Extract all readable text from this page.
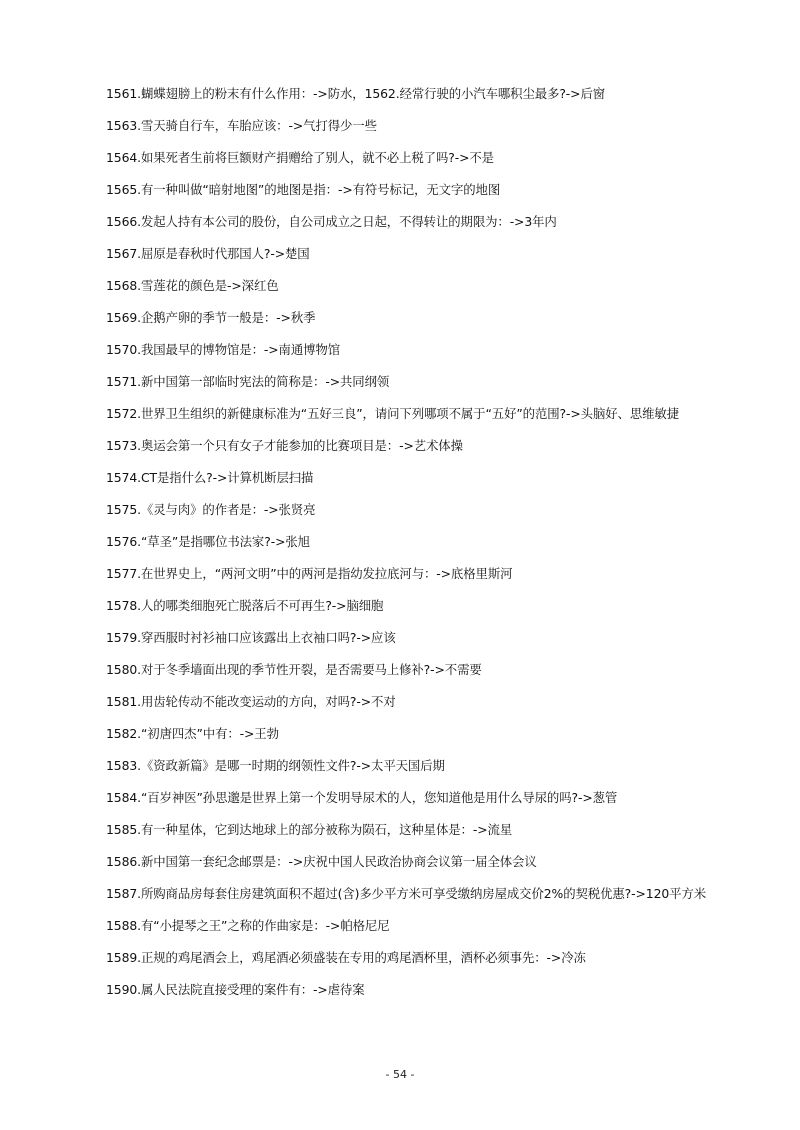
1561.蝴蝶翅膀上的粉末有什么作用：->防水，1562.经常行驶的小汽车哪积尘最多?->后窗
1563.雪天骑自行车，车胎应该：->气打得少一些
1564.如果死者生前将巨额财产捐赠给了别人，就不必上税了吗?->不是
1565.有一种叫做“暗射地图”的地图是指：->有符号标记，无文字的地图
1566.发起人持有本公司的股份，自公司成立之日起，不得转让的期限为：->3年内
1567.屈原是春秋时代那国人?->楚国
1568.雪莲花的颜色是->深红色
1569.企鹅产卵的季节一般是：->秋季
1570.我国最早的博物馆是：->南通博物馆
1571.新中国第一部临时宪法的简称是：->共同纲领
1572.世界卫生组织的新健康标准为“五好三良”，请问下列哪项不属于“五好”的范围?->头脑好、思维敏捷
1573.奥运会第一个只有女子才能参加的比赛项目是：->艺术体操
1574.CT是指什么?->计算机断层扫描
1575.《灵与肉》的作者是：->张贤亮
1576.“草圣”是指哪位书法家?->张旭
1577.在世界史上，“两河文明”中的两河是指幼发拉底河与：->底格里斯河
1578.人的哪类细胞死亡脱落后不可再生?->脑细胞
1579.穿西服时衬衫袖口应该露出上衣袖口吗?->应该
1580.对于冬季墙面出现的季节性开裂，是否需要马上修补?->不需要
1581.用齿轮传动不能改变运动的方向，对吗?->不对
1582.“初唐四杰”中有：->王勃
1583.《资政新篇》是哪一时期的纲领性文件?->太平天国后期
1584.“百岁神医”孙思邈是世界上第一个发明导尿术的人，您知道他是用什么导尿的吗?->葱管
1585.有一种星体，它到达地球上的部分被称为陨石，这种星体是：->流星
1586.新中国第一套纪念邮票是：->庆祝中国人民政治协商会议第一届全体会议
1587.所购商品房每套住房建筑面积不超过(含)多少平方米可享受缴纳房屋成交价2%的契税优惠?->120平方米
1588.有“小提琴之王”之称的作曲家是：->帕格尼尼
1589.正规的鸡尾酒会上，鸡尾酒必须盛装在专用的鸡尾酒杯里，酒杯必须事先：->冷冻
1590.属人民法院直接受理的案件有：->虐待案
- 54 -
